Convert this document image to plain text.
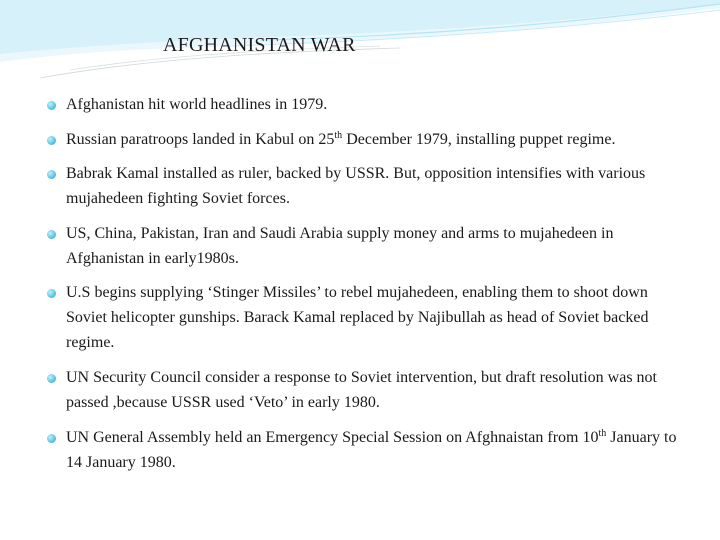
AFGHANISTAN WAR
Afghanistan hit world headlines in 1979.
Russian paratroops landed in Kabul on 25th December 1979, installing puppet regime.
Babrak Kamal installed as ruler, backed by USSR. But, opposition intensifies with various mujahedeen fighting Soviet forces.
US, China, Pakistan, Iran and Saudi Arabia supply money and arms to mujahedeen in Afghanistan in early1980s.
U.S begins supplying ‘Stinger Missiles’ to rebel mujahedeen, enabling them to shoot down Soviet helicopter gunships. Barack Kamal replaced by Najibullah as head of Soviet backed regime.
UN Security Council consider a response to Soviet intervention, but draft resolution was not passed ,because USSR used ‘Veto’ in early 1980.
UN General Assembly held an Emergency Special Session on Afghnaistan from 10th January to 14 January 1980.
